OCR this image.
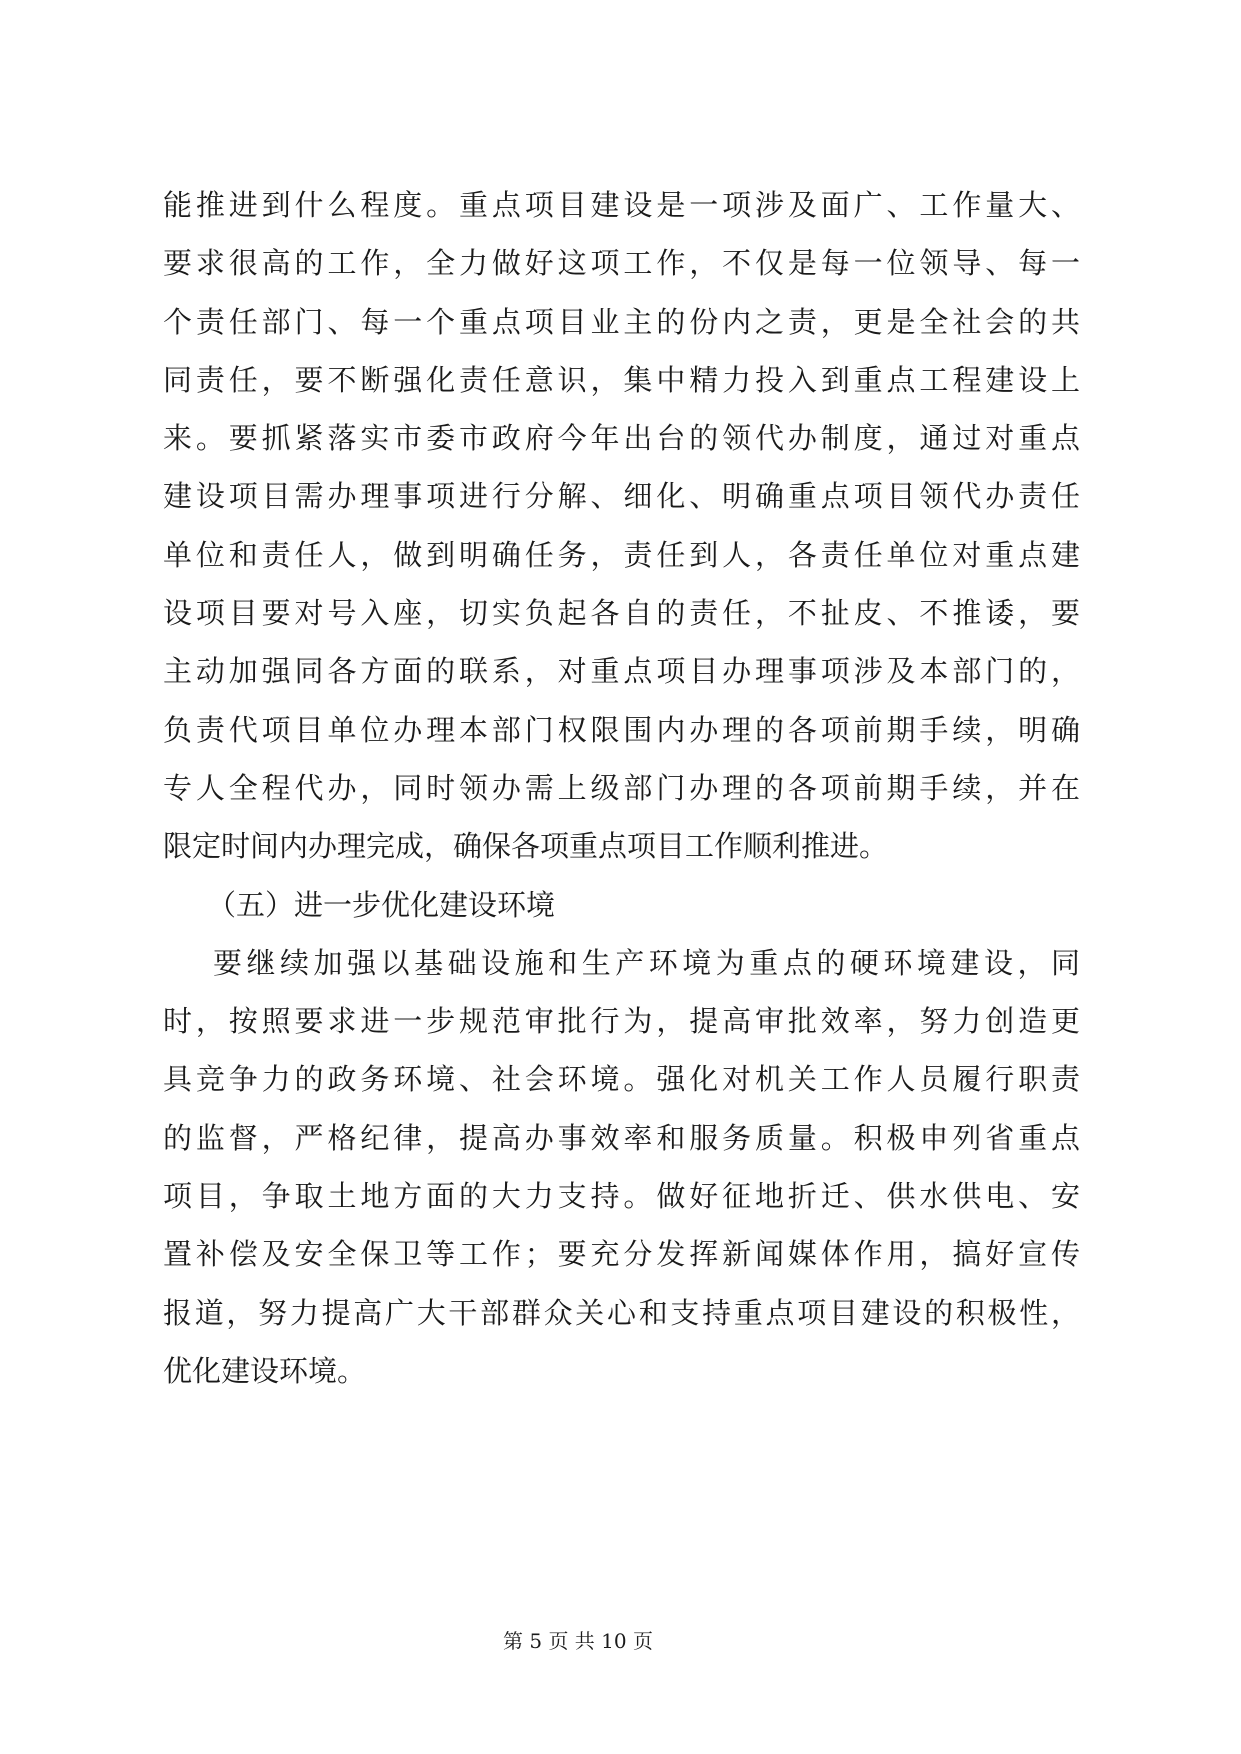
能推进到什么程度。重点项目建设是一项涉及面广、工作量大、
要求很高的工作，全力做好这项工作，不仅是每一位领导、每一
个责任部门、每一个重点项目业主的份内之责，更是全社会的共
同责任，要不断强化责任意识，集中精力投入到重点工程建设上
来。要抓紧落实市委市政府今年出台的领代办制度，通过对重点
建设项目需办理事项进行分解、细化、明确重点项目领代办责任
单位和责任人，做到明确任务，责任到人，各责任单位对重点建
设项目要对号入座，切实负起各自的责任，不扯皮、不推诿，要
主动加强同各方面的联系，对重点项目办理事项涉及本部门的，
负责代项目单位办理本部门权限围内办理的各项前期手续，明确
专人全程代办，同时领办需上级部门办理的各项前期手续，并在
限定时间内办理完成，确保各项重点项目工作顺利推进。
（五）进一步优化建设环境
要继续加强以基础设施和生产环境为重点的硬环境建设，同
时，按照要求进一步规范审批行为，提高审批效率，努力创造更
具竞争力的政务环境、社会环境。强化对机关工作人员履行职责
的监督，严格纪律，提高办事效率和服务质量。积极申列省重点
项目，争取土地方面的大力支持。做好征地折迁、供水供电、安
置补偿及安全保卫等工作；要充分发挥新闻媒体作用，搞好宣传
报道，努力提高广大干部群众关心和支持重点项目建设的积极性，
优化建设环境。
第 5 页 共 10 页
